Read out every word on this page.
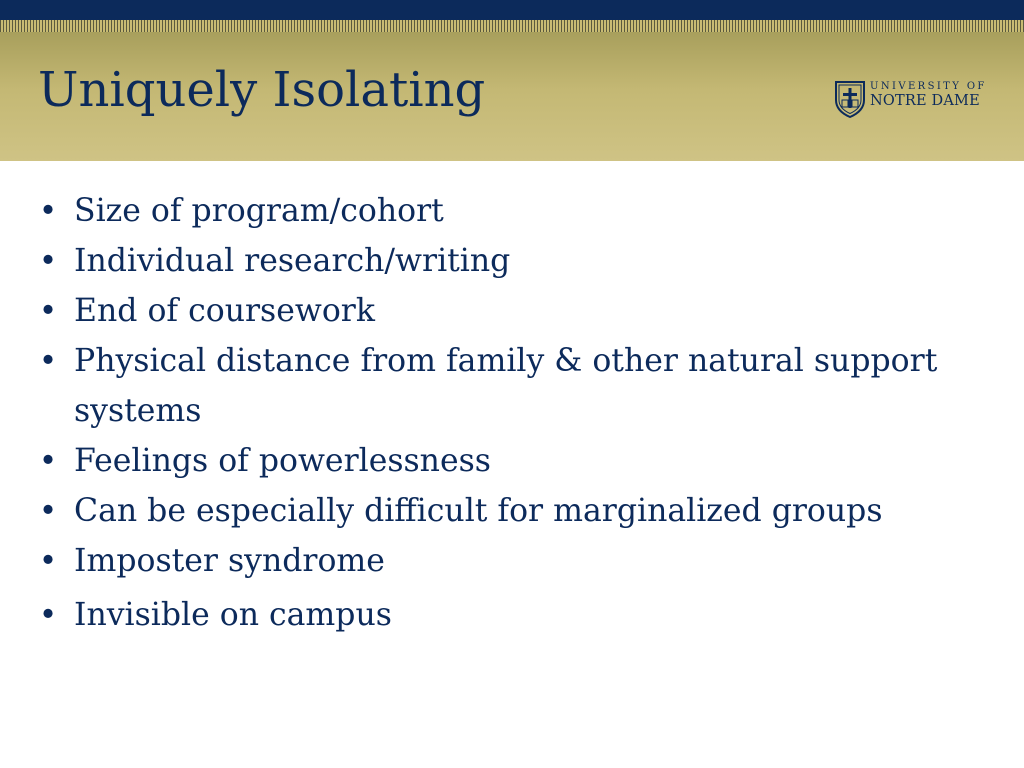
Uniquely Isolating	UNIVERSITY OF
NOTRE DAME
• Size of program/cohort
• Individual research/writing
• End of coursework
• Physical distance from family & other natural support systems
• Feelings of powerlessness
• Can be especially difficult for marginalized groups
• Imposter syndrome
• Invisible on campus
